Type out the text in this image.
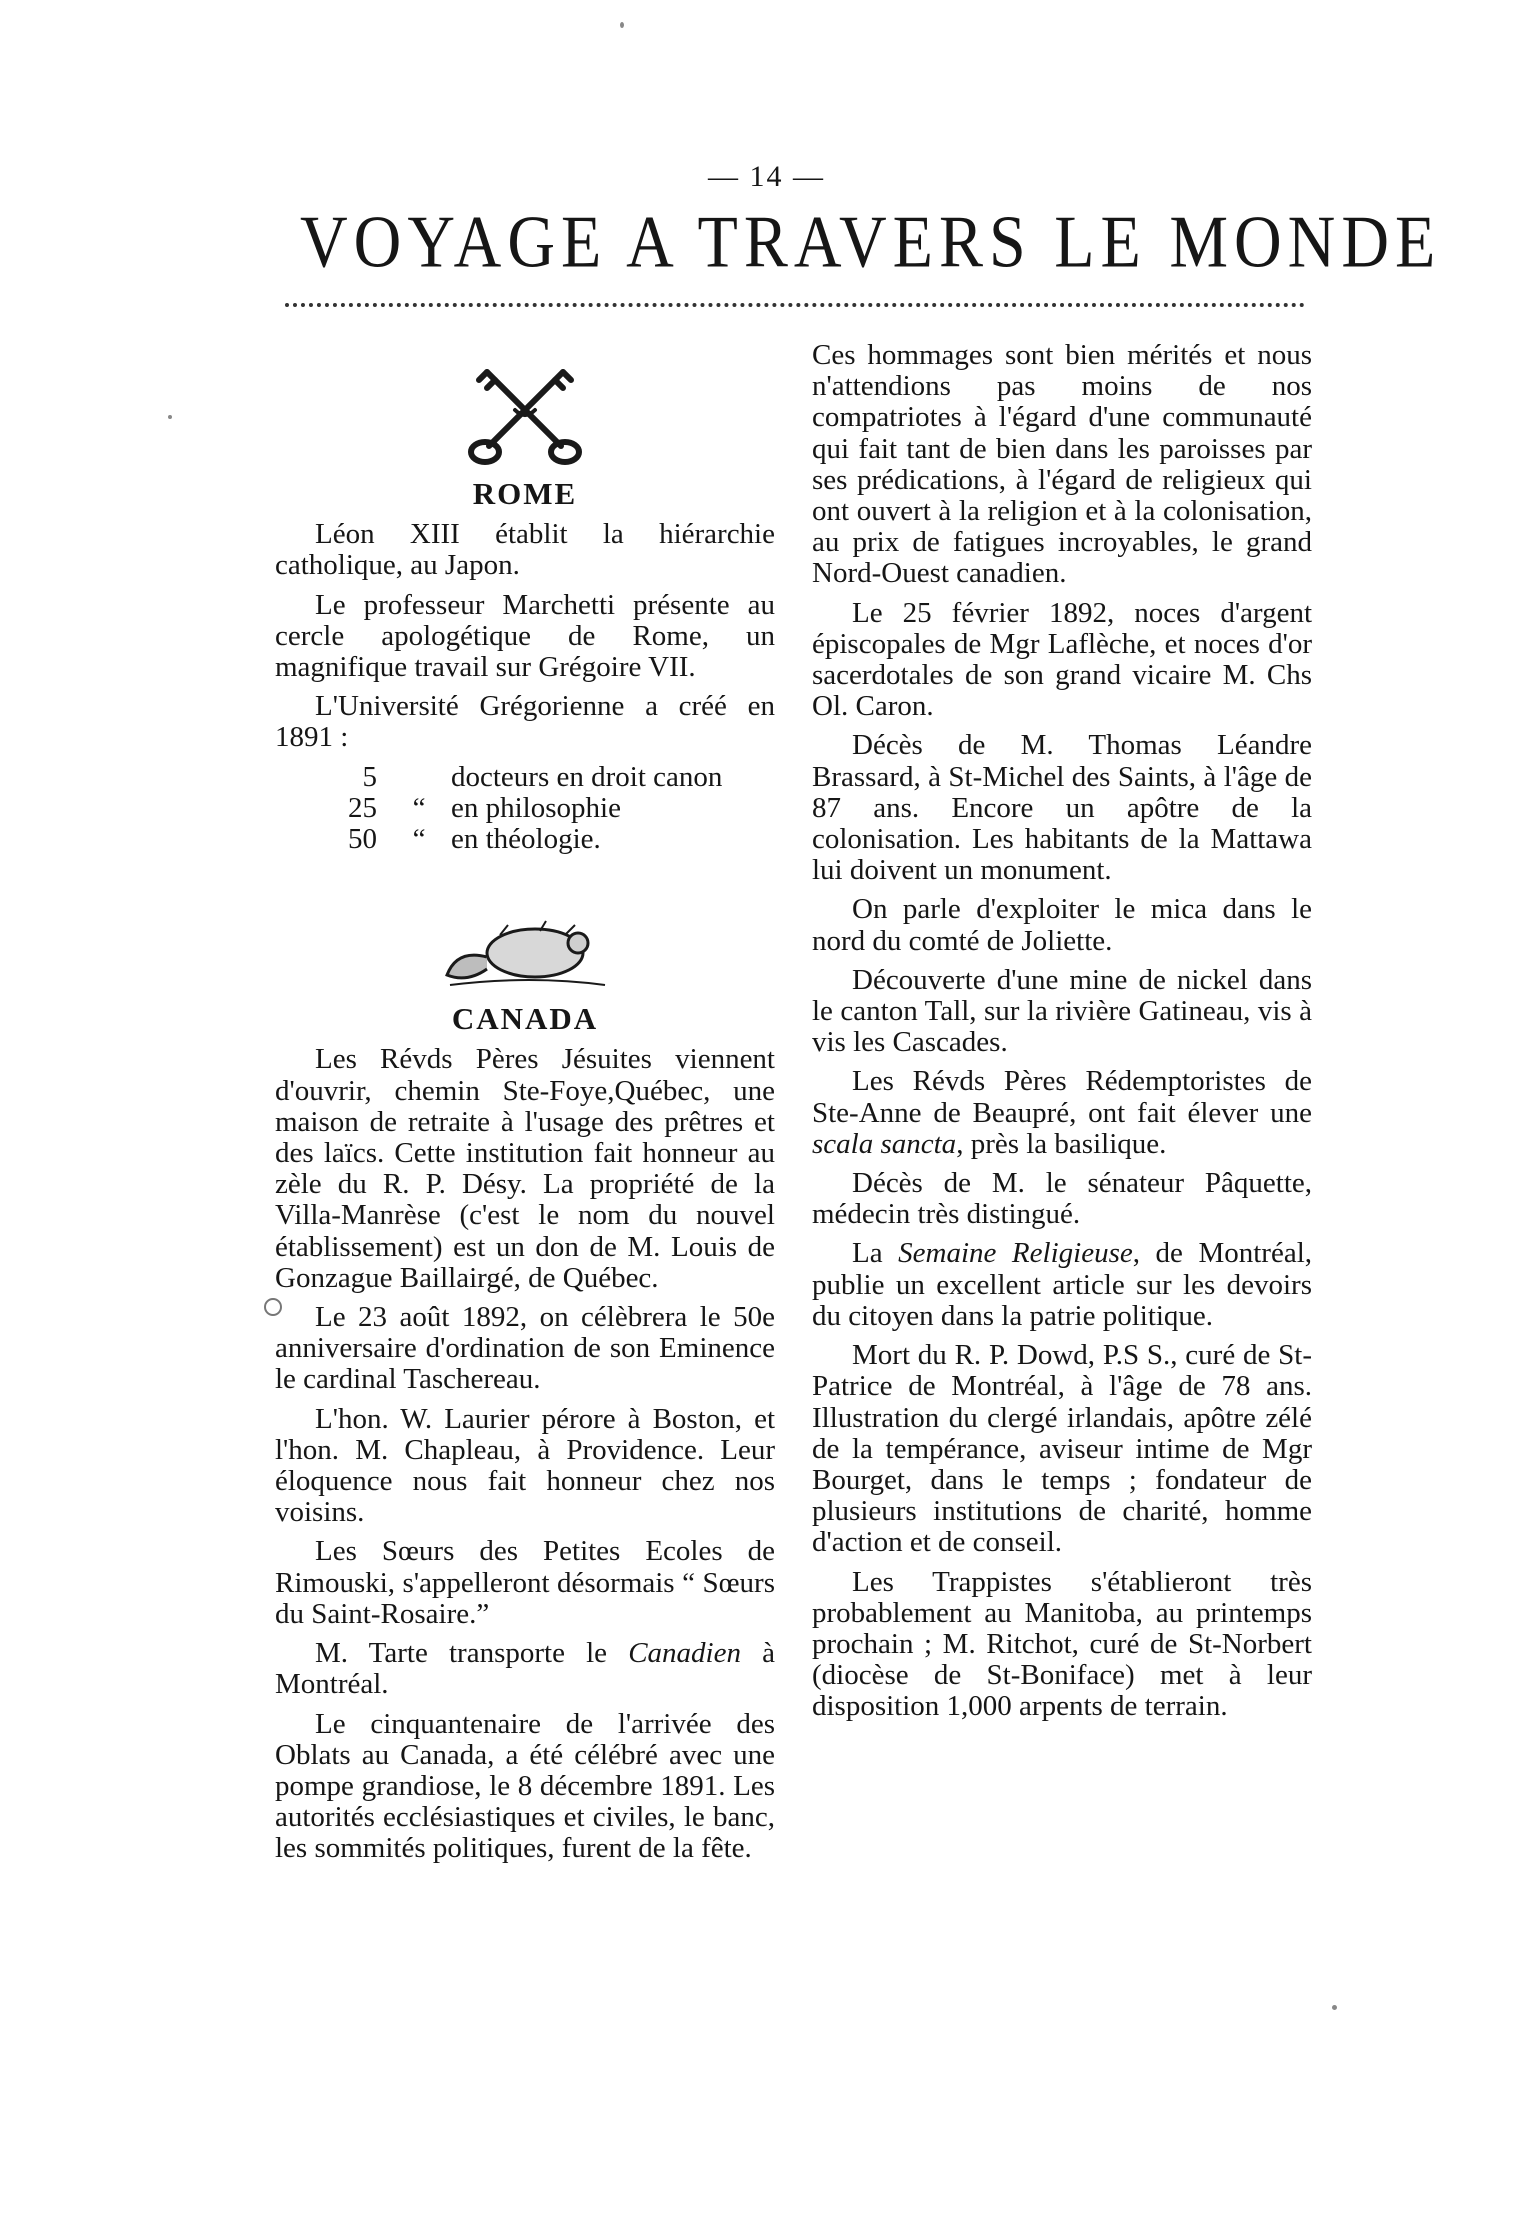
— 14 —
VOYAGE A TRAVERS LE MONDE
ROME

Léon XIII établit la hiérarchie catholique, au Japon.

Le professeur Marchetti présente au cercle apologétique de Rome, un magnifique travail sur Grégoire VII.

L'Université Grégorienne a créé en 1891 :

5	docteurs en droit canon
25	“ en philosophie
50	“ en théologie.
CANADA

Les Révds Pères Jésuites viennent d'ouvrir, chemin Ste-Foye,Québec, une maison de retraite à l'usage des prêtres et des laïcs. Cette institution fait honneur au zèle du R. P. Désy. La propriété de la Villa-Manrèse (c'est le nom du nouvel établissement) est un don de M. Louis de Gonzague Baillairgé, de Québec.

Le 23 août 1892, on célèbrera le 50e anniversaire d'ordination de son Eminence le cardinal Taschereau.

L'hon. W. Laurier pérore à Boston, et l'hon. M. Chapleau, à Providence. Leur éloquence nous fait honneur chez nos voisins.

Les Sœurs des Petites Ecoles de Rimouski, s'appelleront désormais “ Sœurs du Saint-Rosaire.”

M. Tarte transporte le Canadien à Montréal.

Le cinquantenaire de l'arrivée des Oblats au Canada, a été célébré avec une pompe grandiose, le 8 décembre 1891. Les autorités ecclésiastiques et civiles, le banc, les sommités politiques, furent de la fête.

Ces hommages sont bien mérités et nous n'attendions pas moins de nos compatriotes à l'égard d'une communauté qui fait tant de bien dans les paroisses par ses prédications, à l'égard de religieux qui ont ouvert à la religion et à la colonisation, au prix de fatigues incroyables, le grand Nord-Ouest canadien.

Le 25 février 1892, noces d'argent épiscopales de Mgr Laflèche, et noces d'or sacerdotales de son grand vicaire M. Chs Ol. Caron.

Décès de M. Thomas Léandre Brassard, à St-Michel des Saints, à l'âge de 87 ans. Encore un apôtre de la colonisation. Les habitants de la Mattawa lui doivent un monument.

On parle d'exploiter le mica dans le nord du comté de Joliette.

Découverte d'une mine de nickel dans le canton Tall, sur la rivière Gatineau, vis à vis les Cascades.

Les Révds Pères Rédemptoristes de Ste-Anne de Beaupré, ont fait élever une scala sancta, près la basilique.

Décès de M. le sénateur Pâquette, médecin très distingué.

La Semaine Religieuse, de Montréal, publie un excellent article sur les devoirs du citoyen dans la patrie politique.

Mort du R. P. Dowd, P.S S., curé de St-Patrice de Montréal, à l'âge de 78 ans. Illustration du clergé irlandais, apôtre zélé de la tempérance, aviseur intime de Mgr Bourget, dans le temps ; fondateur de plusieurs institutions de charité, homme d'action et de conseil.

Les Trappistes s'établieront très probablement au Manitoba, au printemps prochain ; M. Ritchot, curé de St-Norbert (diocèse de St-Boniface) met à leur disposition 1,000 arpents de terrain.
